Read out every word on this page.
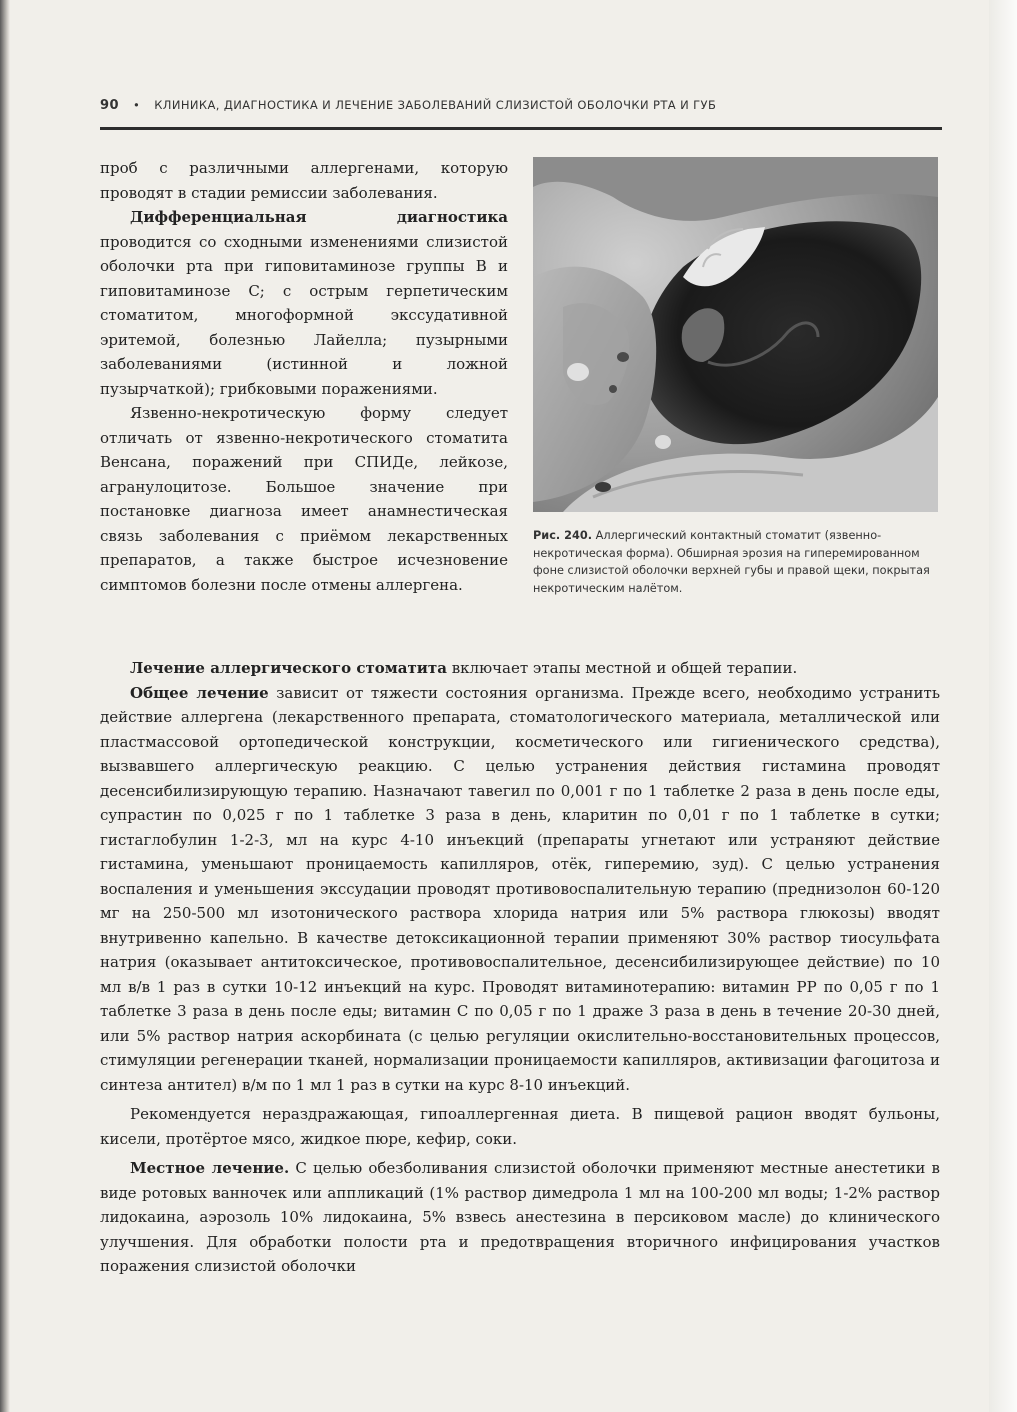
90 • КЛИНИКА, ДИАГНОСТИКА И ЛЕЧЕНИЕ ЗАБОЛЕВАНИЙ СЛИЗИСТОЙ ОБОЛОЧКИ РТА И ГУБ

проб с различными аллергенами, которую проводят в стадии ремиссии заболевания.

Дифференциальная диагностика проводится со сходными изменениями слизистой оболочки рта при гиповитаминозе группы В и гиповитаминозе С; с острым герпетическим стоматитом, многоформной экссудативной эритемой, болезнью Лайелла; пузырными заболеваниями (истинной и ложной пузырчаткой); грибковыми поражениями.

Язвенно-некротическую форму следует отличать от язвенно-некротического стоматита Венсана, поражений при СПИДе, лейкозе, агранулоцитозе. Большое значение при постановке диагноза имеет анамнестическая связь заболевания с приёмом лекарственных препаратов, а также быстрое исчезновение симптомов болезни после отмены аллергена.

Рис. 240. Аллергический контактный стоматит (язвенно-некротическая форма). Обширная эрозия на гиперемированном фоне слизистой оболочки верхней губы и правой щеки, покрытая некротическим налётом.

Лечение аллергического стоматита включает этапы местной и общей терапии.

Общее лечение зависит от тяжести состояния организма. Прежде всего, необходимо устранить действие аллергена (лекарственного препарата, стоматологического материала, металлической или пластмассовой ортопедической конструкции, косметического или гигиенического средства), вызвавшего аллергическую реакцию. С целью устранения действия гистамина проводят десенсибилизирующую терапию. Назначают тавегил по 0,001 г по 1 таблетке 2 раза в день после еды, супрастин по 0,025 г по 1 таблетке 3 раза в день, кларитин по 0,01 г по 1 таблетке в сутки; гистаглобулин 1-2-3, мл на курс 4-10 инъекций (препараты угнетают или устраняют действие гистамина, уменьшают проницаемость капилляров, отёк, гиперемию, зуд). С целью устранения воспаления и уменьшения экссудации проводят противовоспалительную терапию (преднизолон 60-120 мг на 250-500 мл изотонического раствора хлорида натрия или 5% раствора глюкозы) вводят внутривенно капельно. В качестве детоксикационной терапии применяют 30% раствор тиосульфата натрия (оказывает антитоксическое, противовоспалительное, десенсибилизирующее действие) по 10 мл в/в 1 раз в сутки 10-12 инъекций на курс. Проводят витаминотерапию: витамин РР по 0,05 г по 1 таблетке 3 раза в день после еды; витамин С по 0,05 г по 1 драже 3 раза в день в течение 20-30 дней, или 5% раствор натрия аскорбината (с целью регуляции окислительно-восстановительных процессов, стимуляции регенерации тканей, нормализации проницаемости капилляров, активизации фагоцитоза и синтеза антител) в/м по 1 мл 1 раз в сутки на курс 8-10 инъекций.

Рекомендуется нераздражающая, гипоаллергенная диета. В пищевой рацион вводят бульоны, кисели, протёртое мясо, жидкое пюре, кефир, соки.

Местное лечение. С целью обезболивания слизистой оболочки применяют местные анестетики в виде ротовых ванночек или аппликаций (1% раствор димедрола 1 мл на 100-200 мл воды; 1-2% раствор лидокаина, аэрозоль 10% лидокаина, 5% взвесь анестезина в персиковом масле) до клинического улучшения. Для обработки полости рта и предотвращения вторичного инфицирования участков поражения слизистой оболочки
